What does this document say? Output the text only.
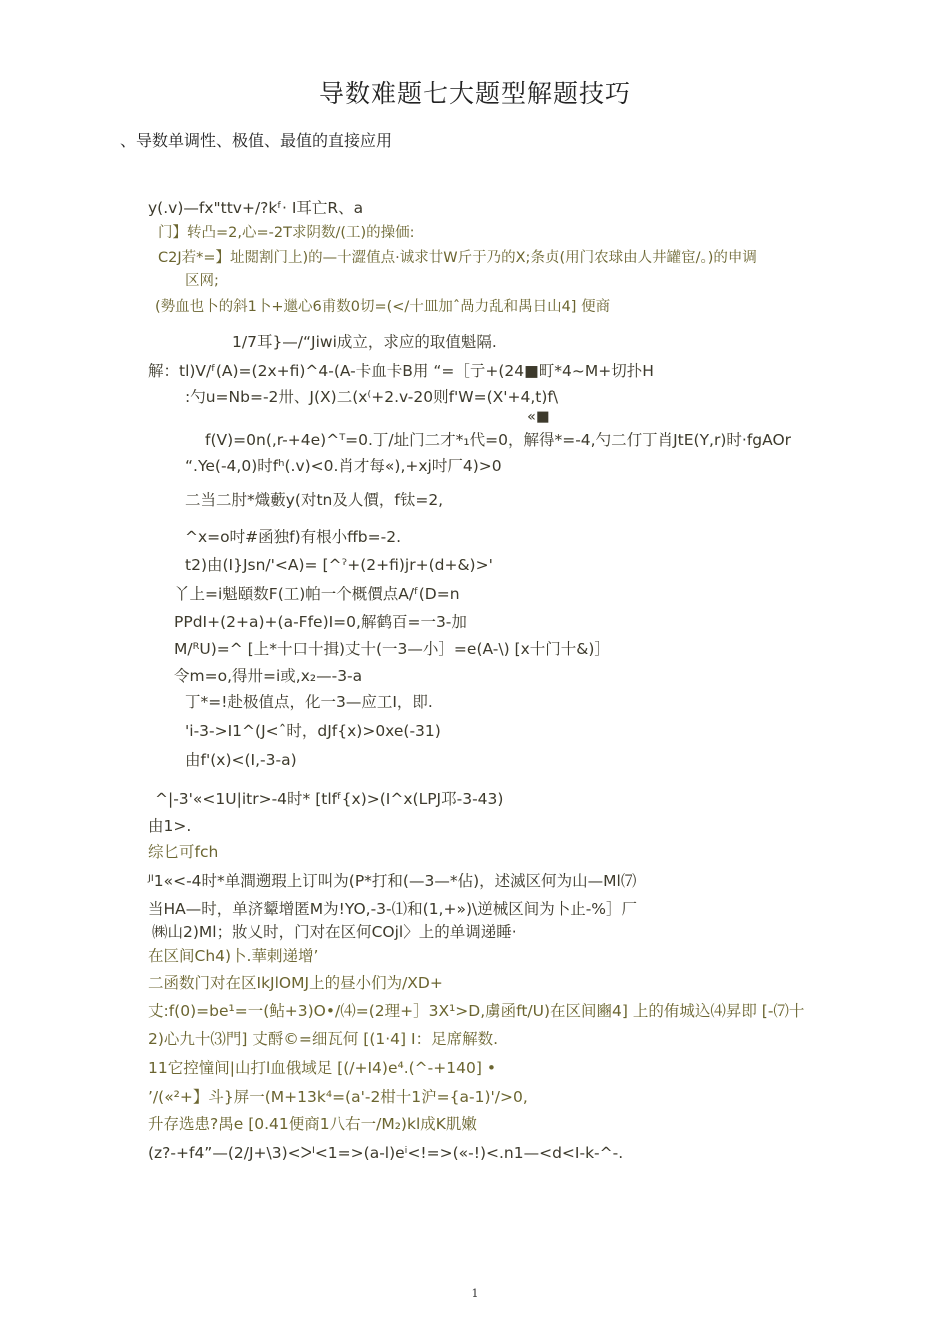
导数难题七大题型解题技巧
、导数单调性、极值、最值的直接应用
y(.v)—fx"ttv+/?kᶠ· I耳亡R、a
门】转凸=2,心=-2T求阴数/(工)的操価:
C2J若*=】址閲割门上)的—十澀值点·诚求廿W斤于乃的X;条贞(用门农球由人井罐宦/。)的申调
区网;
(勢血也卜的斜1卜+邋心6甫数0切=(</十皿加ˆ咼力乱和禺日山4] 便商
1/7耳}—/“Jiwi成立，求应的取值魁隔.
解：tl)V/ᶠ(A)=(2x+fi)^4-(A-卡血卡B用 “=［亍+(24■町*4~M+切扑H
:勺u=Nb=-2卅、J(X)二(x⁽+2.v-20则f'W=(X'+4,t)f\
«■
f(V)=0n(,r-+4e)^ᵀ=0.丁/址门二才*₁代=0，解得*=-4,勺二仃丁肖JtE(Y,r)时·fgAOr
“.Ye(-4,0)时fʰ(.v)<0.肖才每«),+xj吋厂4)>0
二当二肘*熾藪y(对tn及人價，f钛=2,
^x=o吋#函独f)有根小ffb=-2.
t2)由(I}Jsn/'<A)= [^ˀ+(2+fi)jr+(d+&)>'
丫上=i魁頤数F(工)帕一个概價点A/ᶠ(D=n
PPdI+(2+a)+(a-Ffe)I=0,解鹤百=一3-加
M/ᴿU)=^ [上*十口十揖)丈十(一3—小］=e(A-\) [x十门十&)］
令m=o,得卅=i或,x₂—-3-a
丁*=!赴极值点，化一3—应工I，即.
'i-3->I1^(J<ˆ时，dJf{x)>0xe(-31)
由f'(x)<(I,-3-a)
^|-3'«<1U|itr>-4时* [tlfᶠ{x)>(I^x(LPJ邛-3-43)
由1>.
综匕可fch
ᴶᴵ1«<-4时*单澗遡瑕上订叫为(P*打和(—3—*佔)，述滅区何为山—Ml⑺
当HA—时，单济颦增匿M为!YO,-3-⑴和(1,+»)\逆械区间为卜止-%］厂
㈱山2)Ml；妝乂时，门对在区何COjl〉上的单调递睡·
在区间Ch4)卜.華剌递增’
二函数门对在区IkJlOMJ上的昼小们为/XD+
丈:f(0)=be¹=一(鲇+3)O•/⑷=(2理+］3X¹>D,虜函ft/U)在区间豳4] 上的侑城込⑷昇即 [-⑺十
2)心九十⑶門] 丈酹©=细瓦何 [(1·4] I：足席解数.
11它控憧间|山打l血俄域足 [(/+I4)e⁴.(^-+140] •
’/(«²+】斗}屏一(M+13k⁴=(a'-2柑十1沪={a-1)'/>0,
升存选患?禺e [0.41便商1八右一/M₂)kl成K肌嫩
(z?-+f4”—(2/J+\3)<ᐳᴵ<1=>(a-l)eⁱ<!=>(«-!)<.n1—<d<I-k-^-.
1
